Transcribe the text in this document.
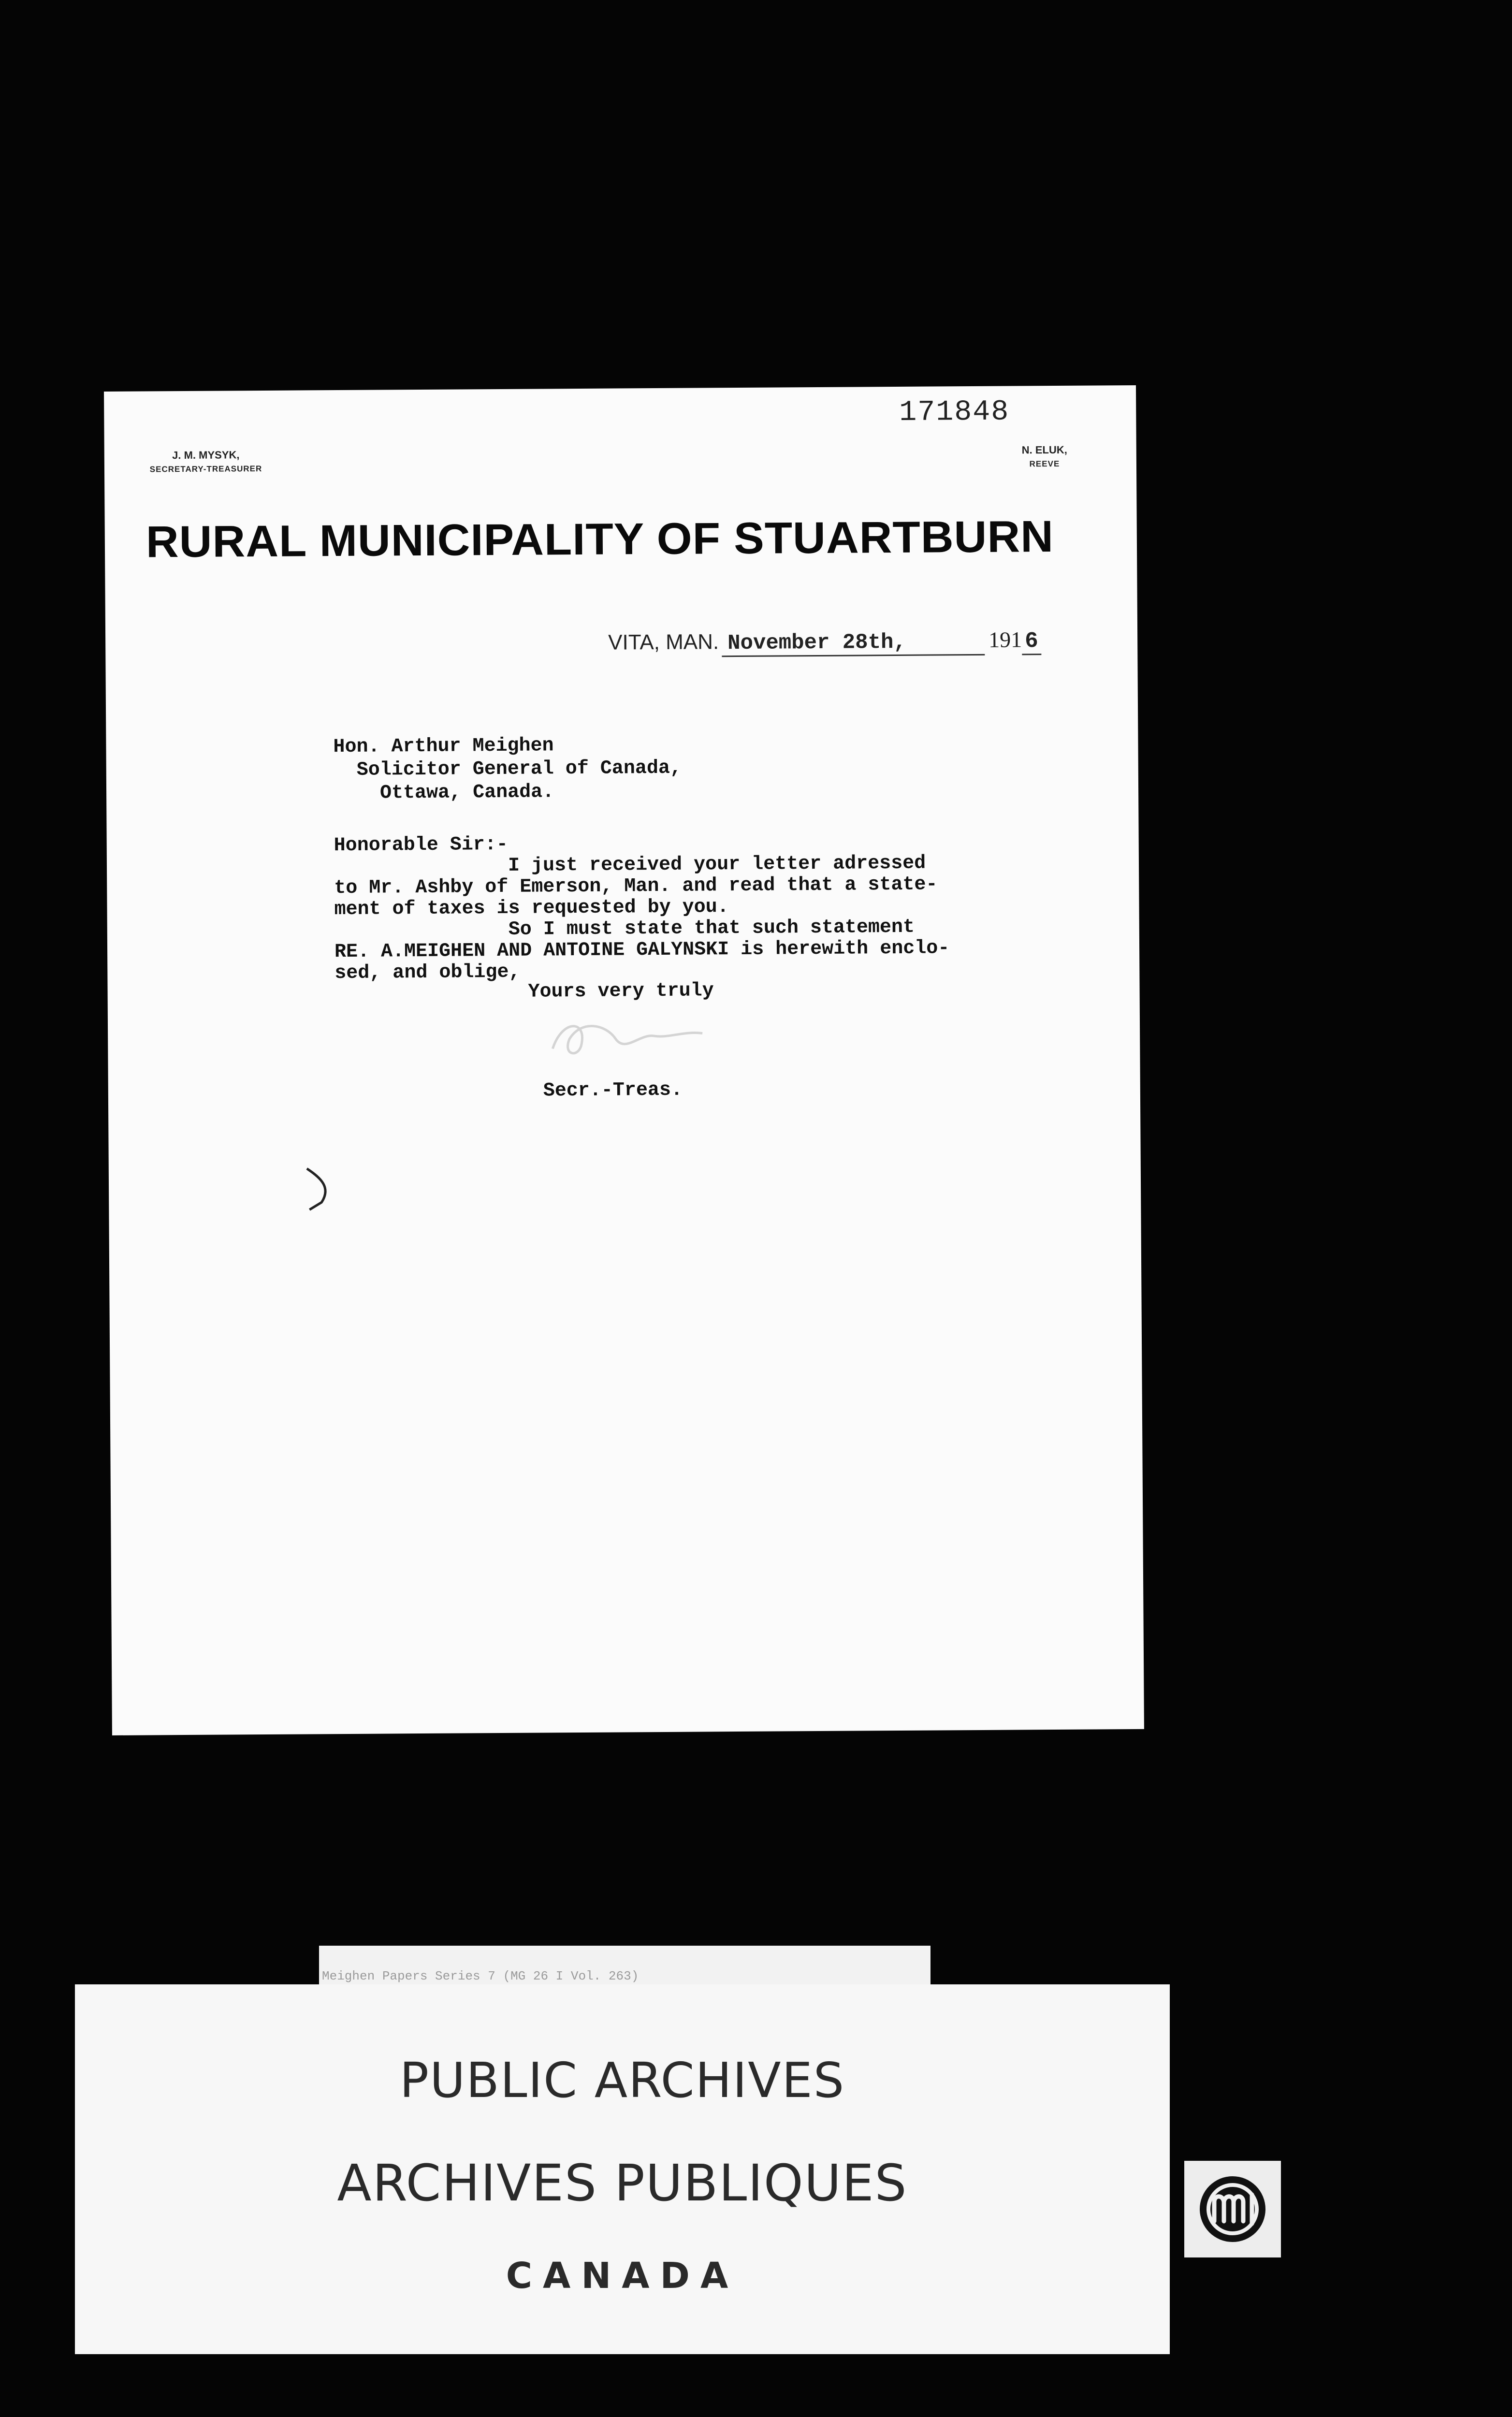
171848
J. M. MYSYK,
SECRETARY-TREASURER
N. ELUK,
REEVE
RURAL MUNICIPALITY OF STUARTBURN
VITA, MAN. November 28th,	191 6
Hon. Arthur Meighen
Solicitor General of Canada,
Ottawa, Canada.
Honorable Sir:-
I just received your letter adressed
to Mr. Ashby of Emerson, Man. and read that a state-
ment of taxes is requested by you.
So I must state that such statement
RE. A.MEIGHEN AND ANTOINE GALYNSKI is herewith enclo-
sed, and oblige,
Yours very truly
Secr.-Treas.
Meighen Papers Series 7 (MG 26 I Vol. 263)
PUBLIC ARCHIVES
ARCHIVES PUBLIQUES
CANADA
